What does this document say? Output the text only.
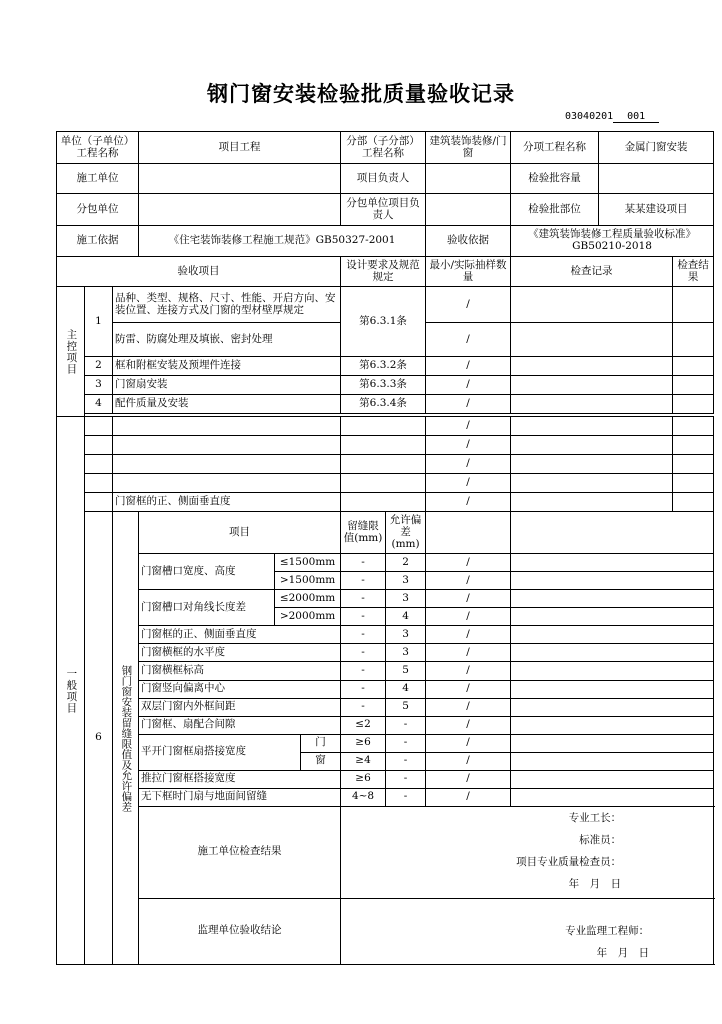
钢门窗安装检验批质量验收记录
03040201 001
单位（子单位）工程名称			项目工程			分部（子分部）工程名称		建筑装饰装修/门窗	分项工程名称	金属门窗安装		
施工单位						项目负责人			检验批容量			
分包单位						分包单位项目负责人			检验批部位	某某建设项目		
施工依据			《住宅装饰装修工程施工规范》GB50327-2001					验收依据	《建筑装饰装修工程质量验收标准》GB50210-2018			
验收项目						设计要求及规范规定		最小/实际抽样数量	检查记录		检查结果	
主控项目	1	品种、类型、规格、尺寸、性能、开启方向、安装位置、连接方式及门窗的型材壁厚规定				第6.3.1条		/				
		防雷、防腐处理及填嵌、密封处理						/				
	2	框和附框安装及预埋件连接				第6.3.2条		/				
	3	门窗扇安装				第6.3.3条		/				
	4	配件质量及安装				第6.3.4条		/				

一般项目								/				
								/				
								/				
								/				
		门窗框的正、侧面垂直度						/				
	6	钢门窗安装留缝限值及允许偏差	项目			留缝限值(mm)	允许偏差(mm)					
			门窗槽口宽度、高度	≤1500mm		-	2	/				
				>1500mm		-	3	/				
			门窗槽口对角线长度差	≤2000mm		-	3	/				
				>2000mm		-	4	/				
			门窗框的正、侧面垂直度			-	3	/				
			门窗横框的水平度			-	3	/				
			门窗横框标高			-	5	/				
			门窗竖向偏离中心			-	4	/				
			双层门窗内外框间距			-	5	/				
			门窗框、扇配合间隙			≤2	-	/				
			平开门窗框扇搭接宽度		门	≥6	-	/				
					窗	≥4	-	/				
			推拉门窗框搭接宽度			≥6	-	/				
			无下框时门扇与地面间留缝			4~8	-	/				
			施工单位检查结果			专业工长：
标准员：
项目专业质量检查员：
年　月　日						

			监理单位验收结论			专业监理工程师：
年　月　日						
